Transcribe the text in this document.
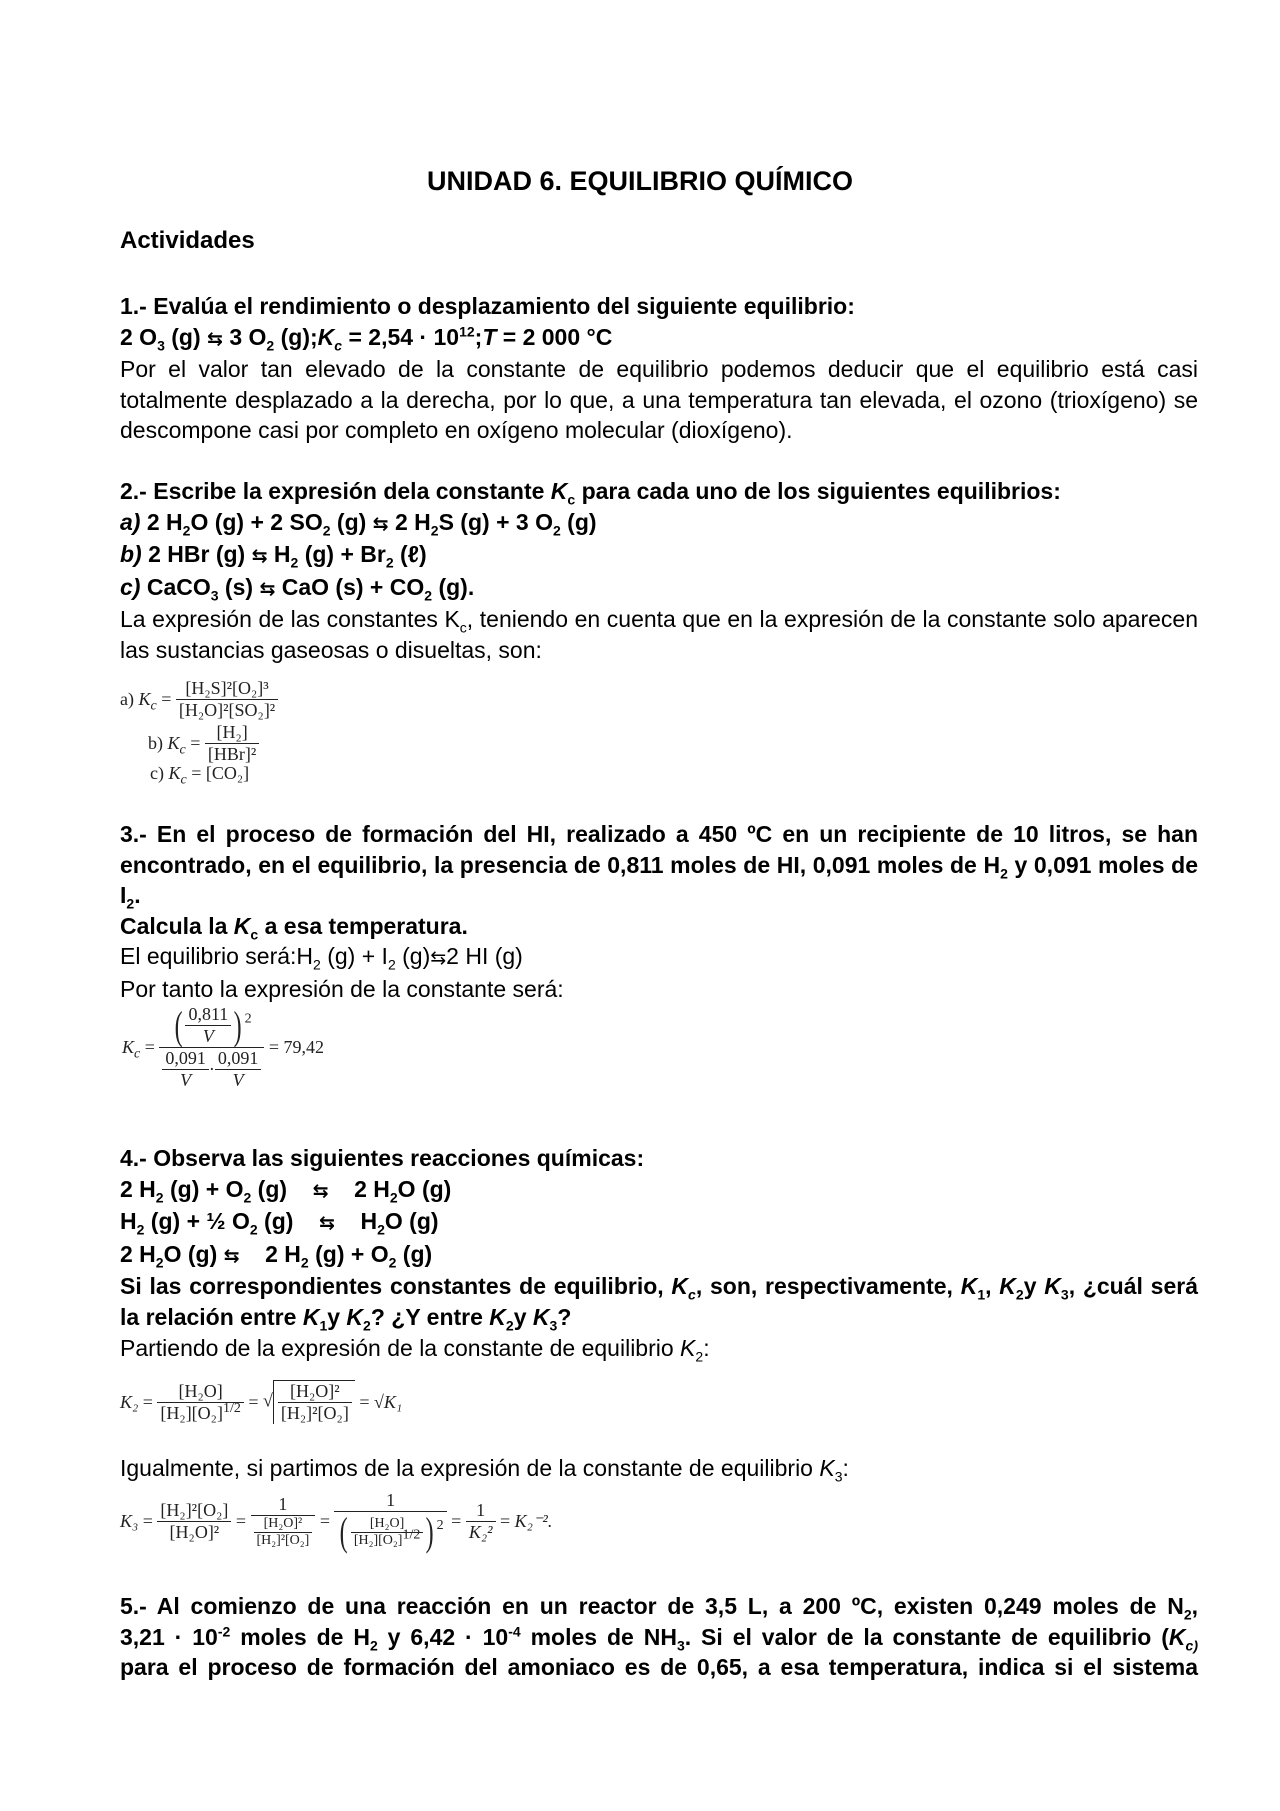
UNIDAD 6. EQUILIBRIO QUÍMICO
Actividades
1.- Evalúa el rendimiento o desplazamiento del siguiente equilibrio:
2 $O_3$ (g) ⇆ 3 $O_2$ $(g);K_c = 2,54$ · $10^{12};T = 2$ 000 °C
Por el valor tan elevado de la constante de equilibrio podemos deducir que el equilibrio está casi totalmente desplazado a la derecha, por lo que, a una temperatura tan elevada, el ozono (trioxígeno) se descompone casi por completo en oxígeno molecular (dioxígeno).
2.- Escribe la expresión dela constante $K_c$ para cada uno de los siguientes equilibrios:
a) 2 $H_2O$ (g) + 2 $SO_2$ (g) ⇆ 2 $H_2S$ (g) + 3 $O_2$ (g)
b) 2 HBr (g) ⇆ $H_2$ $(g) + Br_2$ (ℓ)
c) CaCO$_3$ (s) ⇆ CaO $(s) + CO_2$ (g).
La expresión de las constantes $K_c$, teniendo en cuenta que en la expresión de la constante solo aparecen las sustancias gaseosas o disueltas, son:
a) $K_c = \frac{\text{[H₂S]²[O₂]³}}{\text{[H₂O]²[SO₂]²}}$
b) $K_c$ =
[H₂]
[HBr]²
c) $K_c = [CO_2]$
3.- En el proceso de formación del HI, realizado a 450 ºC en un recipiente de 10 litros, se han encontrado, en el equilibrio, la presencia de 0,811 moles de HI, 0,091 moles de $H_2$ y 0,091 moles de $I_2$.
Calcula la $K_c$ a esa temperatura.
El equilibrio $será:H_2$ $(g) + I_2$ (g)⇆2 HI (g)
Por tanto la expresión de la constante será:
$K_c = \frac{( \frac{0,811}{V} ) ^2}{\frac{0,091}{V} \cdot \frac{0,091}{V}} = 79,42$
4.- Observa las siguientes reacciones químicas:
2 $H_2$ $(g) + O_2$ (g)    ⇆    2 $H_2O$ (g)
$H_2$ (g) + ½ $O_2$ (g)    ⇆    $H_2O$ (g)
2 $H_2O$ (g) ⇆    2 $H_2$ $(g) + O_2$ (g)
Si las correspondientes constantes de equilibrio, $K_c$, son, respectivamente, $K_1$, $K_2y$ $K_3$, ¿cuál será la relación entre $K_1y$ $K_2$? ¿Y entre $K_2y$ $K_3$?
Partiendo de la expresión de la constante de equilibrio $K_2$:
$K_2 = \frac{\text{[H₂O]}}{[H_2][O_2]^{1/2}}$ = √ $\frac{\text{[H₂O]²}}{\text{[H₂]²[O₂]}} = √K_1$
Igualmente, si partimos de la expresión de la constante de equilibrio $K_3$:
$K_3 = \frac{\text{[H₂]²[O₂]}}{\text{[H₂O]²}} = \frac{1}{\frac{\text{[H₂O]²}}{\text{[H₂]²[O₂]}}} = \frac{1}{( \frac{\text{[H₂O]}}{[H_2][O_2]^{1/2}} ) ^2} = \frac{1}{\text{K₂²}} = K_2^{-2}$.
5.- Al comienzo de una reacción en un reactor de 3,5 L, a 200 ºC, existen 0,249 moles de $N_2$,
$3,21 \cdot 10^{-2}$ moles de $H_2$ y $6,42 \cdot 10^{-4}$ moles de $NH_3$. Si el valor de la constante de equilibrio ($K_{c)}$
para el proceso de formación del amoniaco es de 0,65, a esa temperatura, indica si el sistema
